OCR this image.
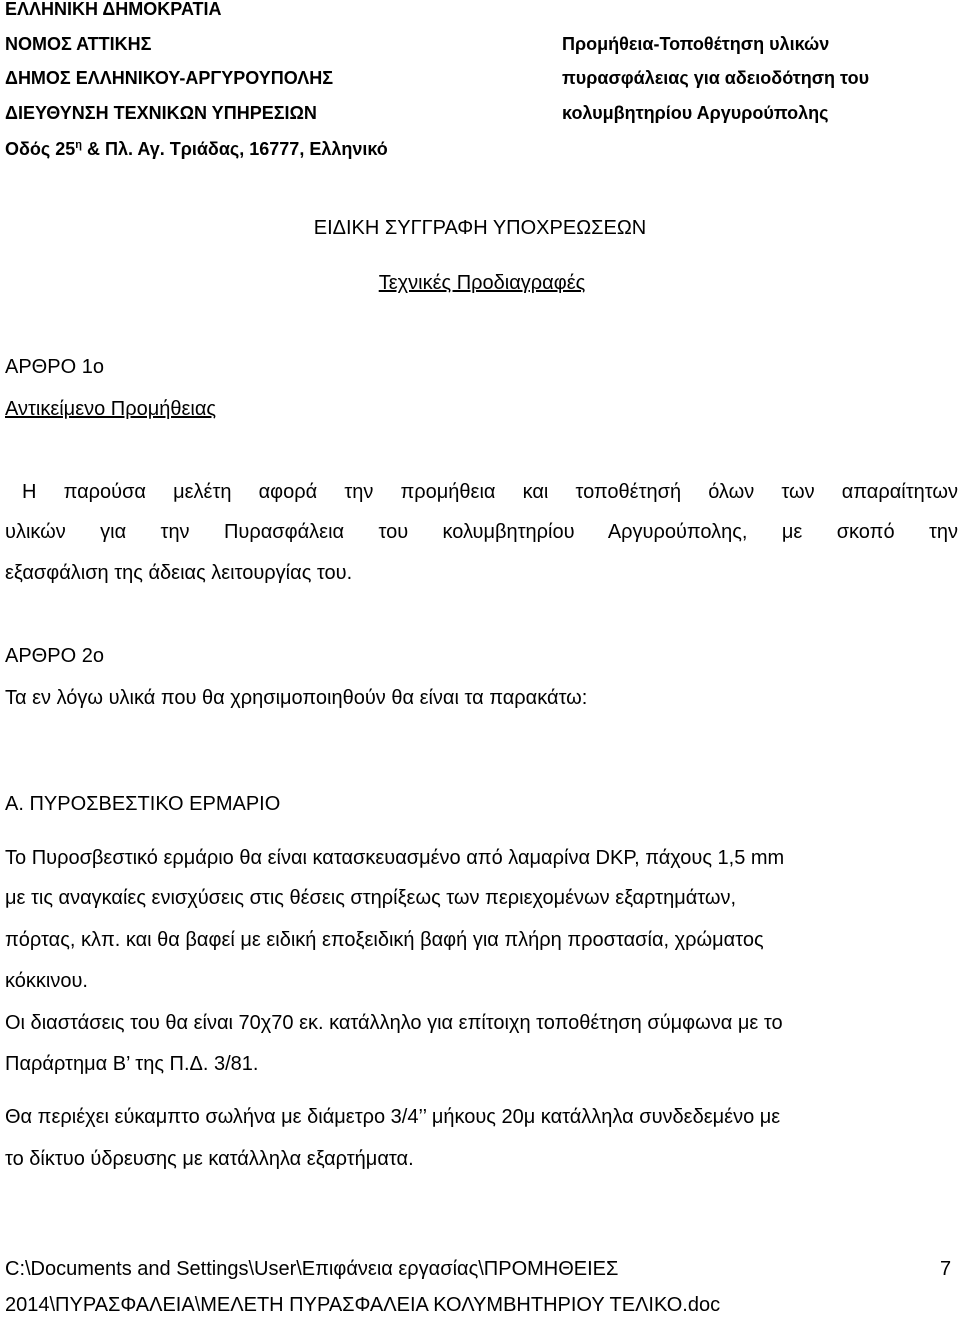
ΕΛΛΗΝΙΚΗ ΔΗΜΟΚΡΑΤΙΑ
ΝΟΜΟΣ ΑΤΤΙΚΗΣ
ΔΗΜΟΣ ΕΛΛΗΝΙΚΟΥ-ΑΡΓΥΡΟΥΠΟΛΗΣ
ΔΙΕΥΘΥΝΣΗ ΤΕΧΝΙΚΩΝ ΥΠΗΡΕΣΙΩΝ
Οδός $25^\eta$ & Πλ. Αγ. Τριάδας, 16777, Ελληνικό
Προμήθεια-Τοποθέτηση υλικών
πυρασφάλειας για αδειοδότηση του
κολυμβητηρίου Αργυρούπολης
ΕΙΔΙΚΗ ΣΥΓΓΡΑΦΗ ΥΠΟΧΡΕΩΣΕΩΝ
Τεχνικές Προδιαγραφές
ΑΡΘΡΟ 1ο
Αντικείμενο Προμήθειας
Η παρούσα μελέτη αφορά την προμήθεια και τοποθέτησή όλων των απαραίτητων
υλικών για την Πυρασφάλεια του κολυμβητηρίου Αργυρούπολης, με σκοπό την
εξασφάλιση της άδειας λειτουργίας του.
ΑΡΘΡΟ 2ο
Τα εν λόγω υλικά που θα χρησιμοποιηθούν θα είναι τα παρακάτω:
Α. ΠΥΡΟΣΒΕΣΤΙΚΟ ΕΡΜΑΡΙΟ
Το Πυροσβεστικό ερμάριο θα είναι κατασκευασμένο από λαμαρίνα DKP, πάχους 1,5 mm
με τις αναγκαίες ενισχύσεις στις θέσεις στηρίξεως των περιεχομένων εξαρτημάτων,
πόρτας, κλπ. και θα βαφεί με ειδική εποξειδική βαφή για πλήρη προστασία, χρώματος
κόκκινου.
Οι διαστάσεις του θα είναι 70χ70 εκ. κατάλληλο για επίτοιχη τοποθέτηση σύμφωνα με το
Παράρτημα Β’ της Π.Δ. 3/81.
Θα περιέχει εύκαμπτο σωλήνα με διάμετρο 3/4’’ μήκους 20μ κατάλληλα συνδεδεμένο με
το δίκτυο ύδρευσης με κατάλληλα εξαρτήματα.
C:\Documents and Settings\User\Επιφάνεια εργασίας\ΠΡΟΜΗΘΕΙΕΣ	7
2014\ΠΥΡΑΣΦΑΛΕΙΑ\ΜΕΛΕΤΗ ΠΥΡΑΣΦΑΛΕΙΑ ΚΟΛΥΜΒΗΤΗΡΙΟΥ ΤΕΛΙΚΟ.doc
